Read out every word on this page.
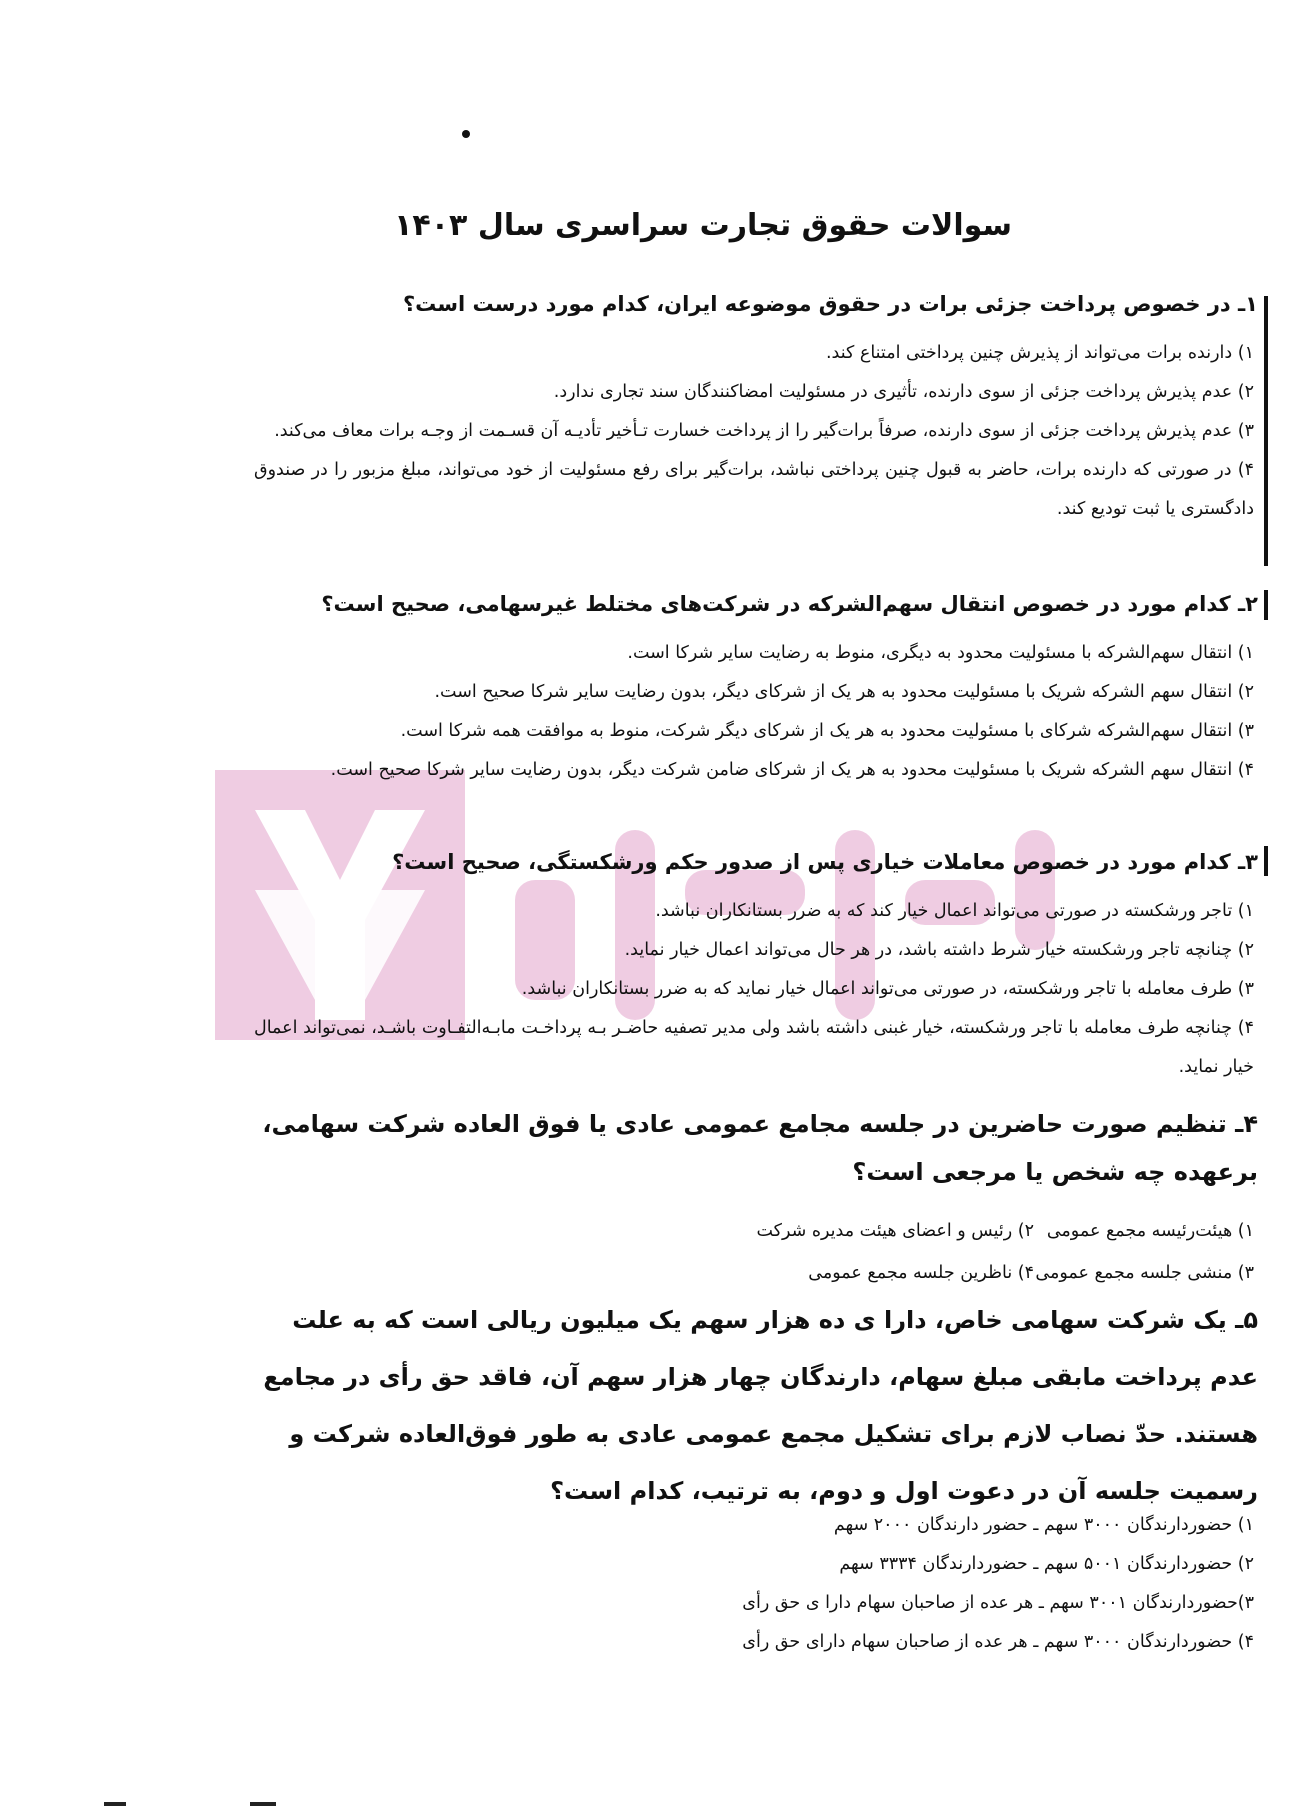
سوالات حقوق تجارت سراسری سال ۱۴۰۳

۱ـ در خصوص پرداخت جزئی برات در حقوق موضوعه ایران، کدام مورد درست است؟

۱) دارنده برات می‌تواند از پذیرش چنین پرداختی امتناع کند.
۲) عدم پذیرش پرداخت جزئی از سوی دارنده، تأثیری در مسئولیت امضاکنندگان سند تجاری ندارد.
۳) عدم پذیرش پرداخت جزئی از سوی دارنده، صرفاً برات‌گیر را از پرداخت خسارت تـأخیر تأدیـه آن قسـمت از وجـه برات معاف می‌کند.
۴) در صورتی که دارنده برات، حاضر به قبول چنین پرداختی نباشد، برات‌گیر برای رفع مسئولیت از خود می‌تواند، مبلغ مزبور را در صندوق دادگستری یا ثبت تودیع کند.

۲ـ کدام مورد در خصوص انتقال سهم‌الشرکه در شرکت‌های مختلط غیرسهامی، صحیح است؟

۱) انتقال سهم‌الشرکه با مسئولیت محدود به دیگری، منوط به رضایت سایر شرکا است.
۲) انتقال سهم الشرکه شریک با مسئولیت محدود به هر یک از شرکای دیگر، بدون رضایت سایر شرکا صحیح است.
۳) انتقال سهم‌الشرکه شرکای با مسئولیت محدود به هر یک از شرکای دیگر شرکت، منوط به موافقت همه شرکا است.
۴) انتقال سهم الشرکه شریک با مسئولیت محدود به هر یک از شرکای ضامن شرکت دیگر، بدون رضایت سایر شرکا صحیح است.

۳ـ کدام مورد در خصوص معاملات خیاری پس از صدور حکم ورشکستگی، صحیح است؟

۱) تاجر ورشکسته در صورتی می‌تواند اعمال خیار کند که به ضرر بستانکاران نباشد.
۲) چنانچه تاجر ورشکسته خیار شرط داشته باشد، در هر حال می‌تواند اعمال خیار نماید.
۳) طرف معامله با تاجر ورشکسته، در صورتی می‌تواند اعمال خیار نماید که به ضرر بستانکاران نباشد.
۴) چنانچه طرف معامله با تاجر ورشکسته، خیار غبنی داشته باشد ولی مدیر تصفیه حاضـر بـه پرداخـت مابـه‌التفـاوت باشـد، نمی‌تواند اعمال خیار نماید.

۴ـ تنظیم صورت حاضرین در جلسه مجامع عمومی عادی یا فوق العاده شرکت سهامی، برعهده چه شخص یا مرجعی است؟

۱) هیئت‌رئیسه مجمع عمومی
۲) رئیس و اعضای هیئت مدیره شرکت
۳) منشی جلسه مجمع عمومی
۴) ناظرین جلسه مجمع عمومی

۵ـ یک شرکت سهامی خاص، دارا ی ده هزار سهم یک میلیون ریالی است که به علت عدم پرداخت مابقی مبلغ سهام، دارندگان چهار هزار سهم آن، فاقد حق رأی در مجامع هستند. حدّ نصاب لازم برای تشکیل مجمع عمومی عادی به طور فوق‌العاده شرکت و رسمیت جلسه آن در دعوت اول و دوم، به ترتیب، کدام است؟

۱) حضوردارندگان ۳۰۰۰ سهم ـ حضور دارندگان ۲۰۰۰ سهم
۲) حضوردارندگان ۵۰۰۱ سهم ـ حضوردارندگان ۳۳۳۴ سهم
۳)حضوردارندگان ۳۰۰۱ سهم ـ هر عده از صاحبان سهام دارا ی حق رأی
۴) حضوردارندگان ۳۰۰۰ سهم ـ هر عده از صاحبان سهام دارای حق رأی
